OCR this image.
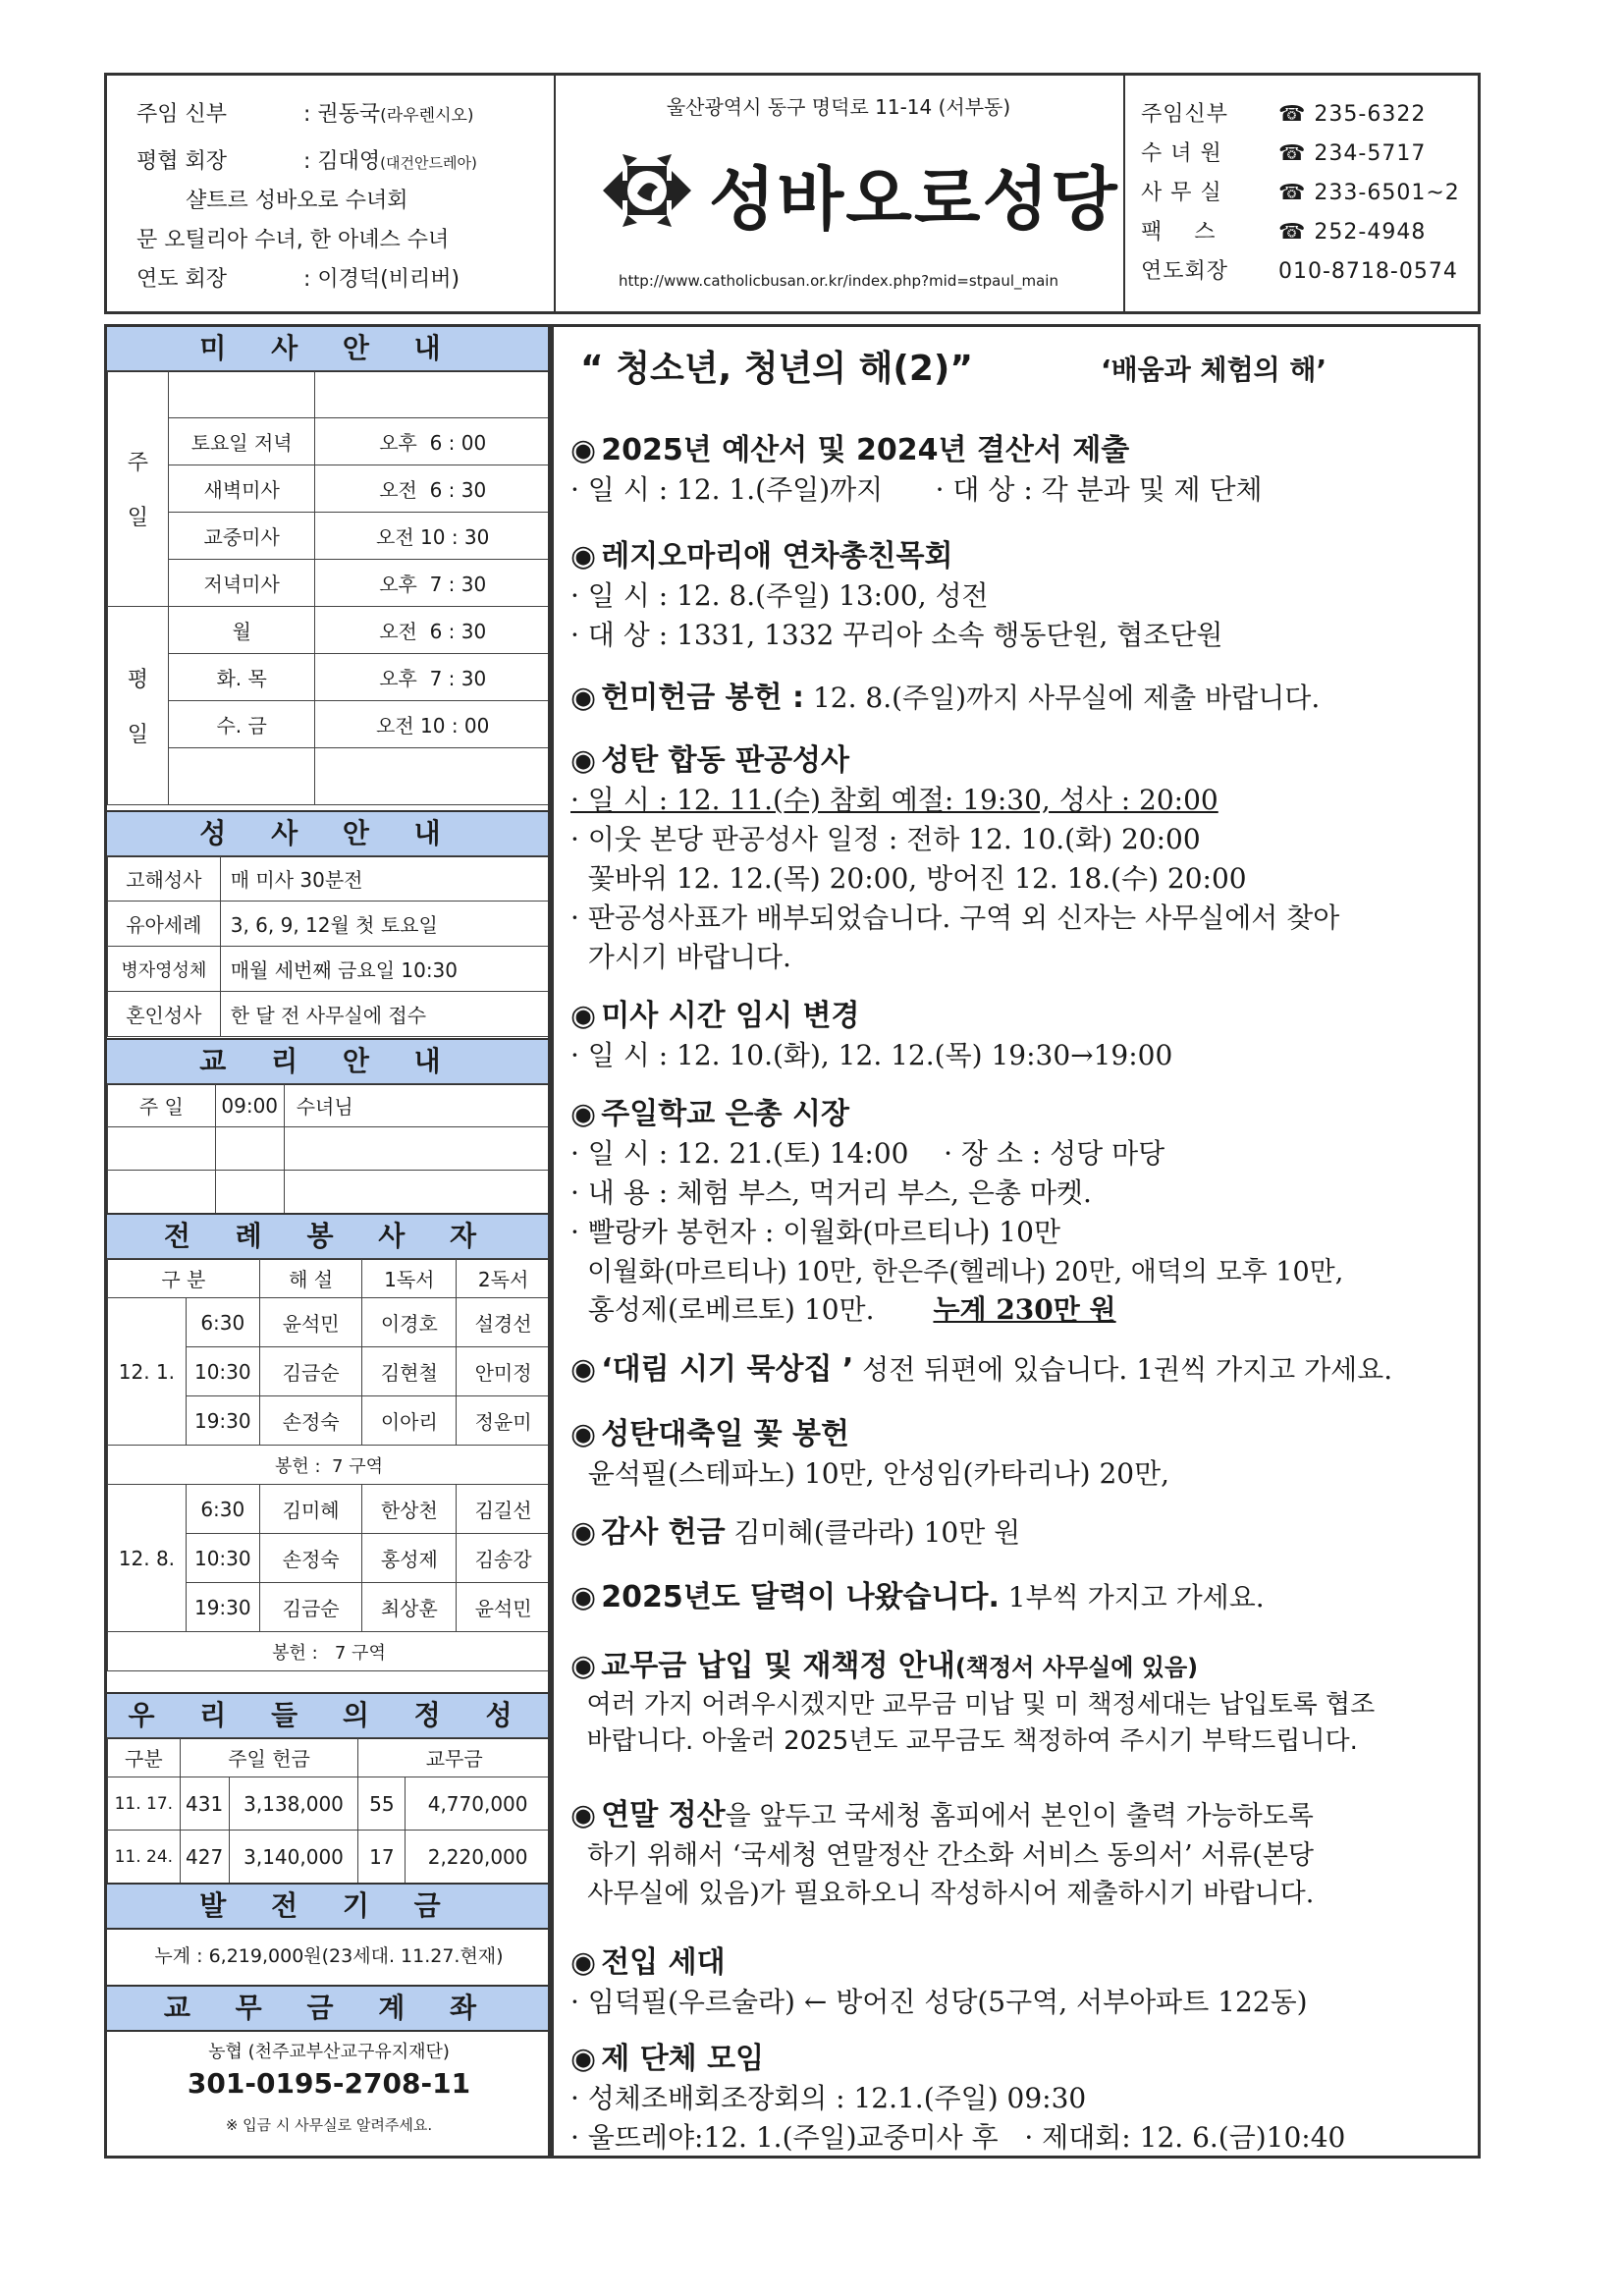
주임 신부	: 권동국(라우렌시오)
평협 회장	: 김대영(대건안드레아)
샬트르 성바오로 수녀회
문 오틸리아 수녀, 한 아녜스 수녀
연도 회장	: 이경덕(비리버)
울산광역시 동구 명덕로 11-14 (서부동)
성바오로성당
http://www.catholicbusan.or.kr/index.php?mid=stpaul_main
주임신부 ☎ 235-6322
수 녀 원	☎ 234-5717
사 무 실	☎ 233-6501~2
팩    스	☎ 252-4948
연도회장 010-8718-0574
미 사 안 내
주

일		
	토요일 저녁	오후  6 : 00
	새벽미사	오전  6 : 30
	교중미사	오전 10 : 30
	저녁미사	오후  7 : 30
평

일	월	오전  6 : 30
	화. 목	오후  7 : 30
	수. 금	오전 10 : 00

성 사 안 내
고해성사	매 미사 30분전
유아세례	3, 6, 9, 12월 첫 토요일
병자영성체	매월 세번째 금요일 10:30
혼인성사	한 달 전 사무실에 접수
교 리 안 내
주 일	09:00	수녀님

전 례 봉 사 자
구 분		해 설	1독서	2독서
12. 1.	6:30	윤석민	이경호	설경선
	10:30	김금순	김현철	안미정
	19:30	손정숙	이아리	정윤미
봉헌 :  7 구역				
12. 8.	6:30	김미혜	한상천	김길선
	10:30	손정숙	홍성제	김송강
	19:30	김금순	최상훈	윤석민
봉헌 :   7 구역				
우 리 들 의 정 성
구분	주일 헌금		교무금	
11. 17.	431	3,138,000	55	4,770,000
11. 24.	427	3,140,000	17	2,220,000
발 전 기 금
누계 : 6,219,000원(23세대. 11.27.현재)
교 무 금 계 좌
농협 (천주교부산교구유지재단)
301-0195-2708-11
※ 입금 시 사무실로 알려주세요.
“ 청소년, 청년의 해(2)”	‘배움과 체험의 해’
◉ 2025년 예산서 및 2024년 결산서 제출
· 일 시 : 12. 1.(주일)까지      · 대 상 : 각 분과 및 제 단체
◉ 레지오마리애 연차총친목회
· 일 시 : 12. 8.(주일) 13:00, 성전
· 대 상 : 1331, 1332 꾸리아 소속 행동단원, 협조단원
◉ 헌미헌금 봉헌 : 12. 8.(주일)까지 사무실에 제출 바랍니다.
◉ 성탄 합동 판공성사
· 일 시 : 12. 11.(수) 참회 예절: 19:30, 성사 : 20:00
· 이웃 본당 판공성사 일정 : 전하 12. 10.(화) 20:00
꽃바위 12. 12.(목) 20:00, 방어진 12. 18.(수) 20:00
· 판공성사표가 배부되었습니다. 구역 외 신자는 사무실에서 찾아
가시기 바랍니다.
◉ 미사 시간 임시 변경
· 일 시 : 12. 10.(화), 12. 12.(목) 19:30→19:00
◉ 주일학교 은총 시장
· 일 시 : 12. 21.(토) 14:00    · 장 소 : 성당 마당
· 내 용 : 체험 부스, 먹거리 부스, 은총 마켓.
· 빨랑카 봉헌자 : 이월화(마르티나) 10만
이월화(마르티나) 10만, 한은주(헬레나) 20만, 애덕의 모후 10만,
홍성제(로베르토) 10만. 누계 230만 원
◉ ‘대림 시기 묵상집 ’ 성전 뒤편에 있습니다. 1권씩 가지고 가세요.
◉ 성탄대축일 꽃 봉헌
윤석필(스테파노) 10만, 안성임(카타리나) 20만,
◉ 감사 헌금 김미혜(클라라) 10만 원
◉ 2025년도 달력이 나왔습니다. 1부씩 가지고 가세요.
◉ 교무금 납입 및 재책정 안내(책정서 사무실에 있음)
여러 가지 어려우시겠지만 교무금 미납 및 미 책정세대는 납입토록 협조
바랍니다. 아울러 2025년도 교무금도 책정하여 주시기 부탁드립니다.
◉ 연말 정산을 앞두고 국세청 홈피에서 본인이 출력 가능하도록
하기 위해서 ‘국세청 연말정산 간소화 서비스 동의서’ 서류(본당
사무실에 있음)가 필요하오니 작성하시어 제출하시기 바랍니다.
◉ 전입 세대
· 임덕필(우르술라) ← 방어진 성당(5구역, 서부아파트 122동)
◉ 제 단체 모임
· 성체조배회조장회의 : 12.1.(주일) 09:30
· 울뜨레야:12. 1.(주일)교중미사 후   · 제대회: 12. 6.(금)10:40
